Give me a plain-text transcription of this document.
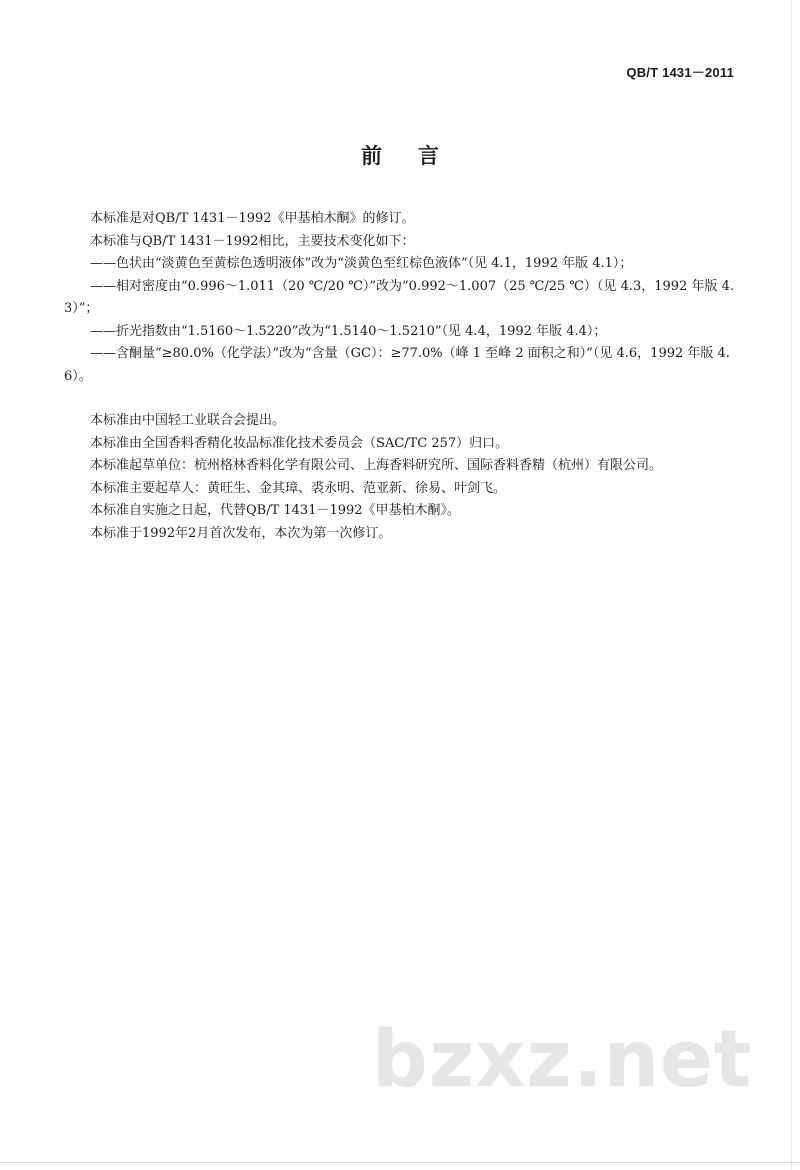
QB/T 1431－2011
前言

本标准是对QB/T 1431－1992《甲基柏木酮》的修订。

本标准与QB/T 1431－1992相比，主要技术变化如下：

——色状由“淡黄色至黄棕色透明液体”改为“淡黄色至红棕色液体”（见 4.1，1992 年版 4.1）；

——相对密度由“0.996～1.011（20 ℃/20 ℃）”改为“0.992～1.007（25 ℃/25 ℃）（见 4.3，1992 年版 4.3）”；

——折光指数由“1.5160～1.5220”改为“1.5140～1.5210”（见 4.4，1992 年版 4.4）；

——含酮量“≥80.0%（化学法）”改为“含量（GC）：≥77.0%（峰 1 至峰 2 面积之和）”（见 4.6，1992 年版 4.6）。

本标准由中国轻工业联合会提出。

本标准由全国香料香精化妆品标准化技术委员会（SAC/TC 257）归口。

本标准起草单位：杭州格林香料化学有限公司、上海香料研究所、国际香料香精（杭州）有限公司。

本标准主要起草人：黄旺生、金其璋、裘永明、范亚新、徐易、叶剑飞。

本标准自实施之日起，代替QB/T 1431－1992《甲基柏木酮》。

本标准于1992年2月首次发布，本次为第一次修订。

bzxz.net
